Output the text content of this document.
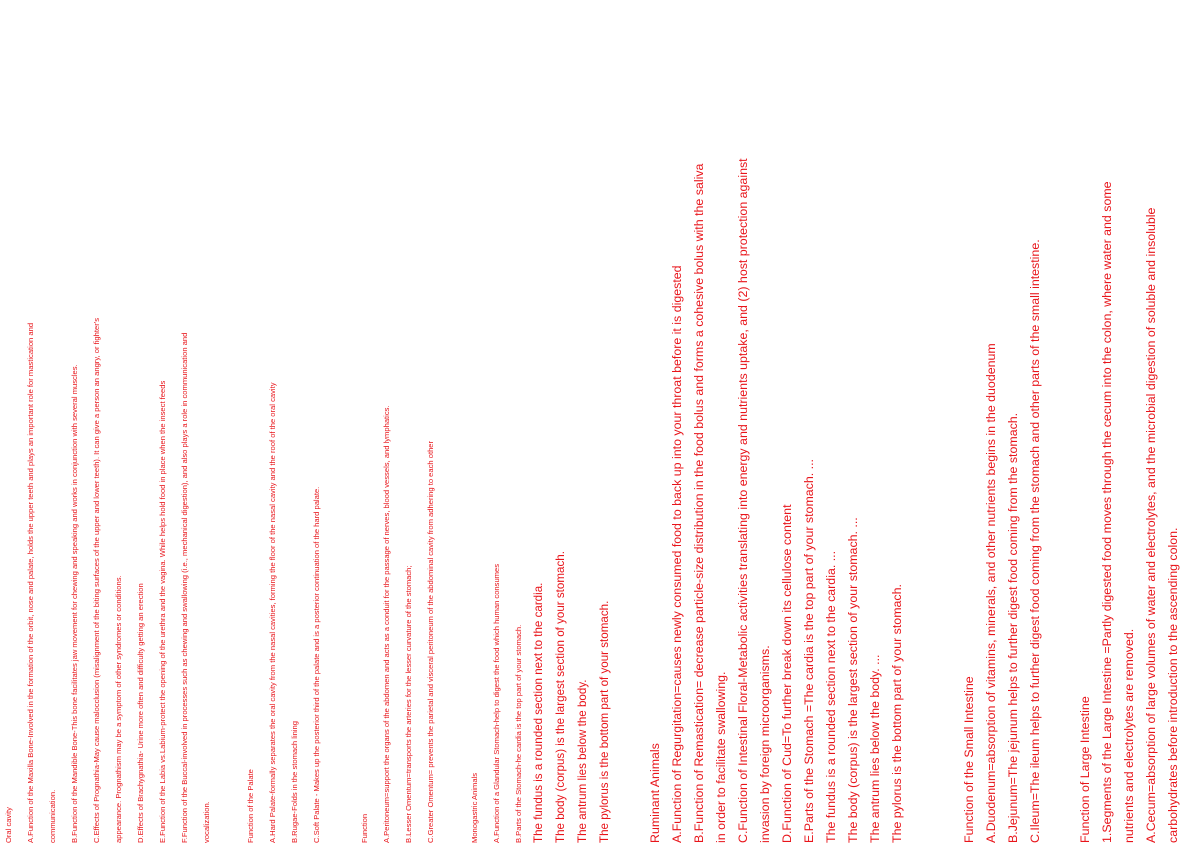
Oral cavity A.Function of the Maxilla Bone-Involved in the formation of the orbit, nose and palate, holds the upper teeth and plays an important role for mastication and communication. B.Function of the Mandible Bone-This bone facilitates jaw movement for chewing and speaking and works in conjunction with several muscles. C.Effects of Prognathia-May cause malocclusion (misalignment of the biting surfaces of the upper and lower teeth). It can give a person an angry, or fighter's appearance. Prognathism may be a symptom of other syndromes or conditions. D.Effects of Brachygnathia- Urine more often and difficulty getting an erection E.Function of the Labia vs.Labium-protect the opening of the urethra and the vagina. While helps hold food in place when the insect feeds F.Function of the Buccal-involved in processes such as chewing and swallowing (i.e., mechanical digestion), and also plays a role in communication and vocalization.	Function of the Palate A.Hard Palate-formally separates the oral cavity from the nasal cavities, forming the floor of the nasal cavity and the roof of the oral cavity B.Rugae-Folds in the stomach lining C.Soft Palate - Makes up the posterior third of the palate and is a posterior continuation of the hard palate.	Function A.Peritoneum=support the organs of the abdomen and acts as a conduit for the passage of nerves, blood vessels, and lymphatics. B.Lesser Omentum=transports the arteries for the lesser curvature of the stomach; C.Greater Omentum= prevents the parietal and visceral peritoneum of the abdominal cavity from adhering to each other	Monogastric Animals A.Function of a Glandular Stomach-help to digest the food which human consumes B.Parts of the Stomach-he cardia is the top part of your stomach. The fundus is a rounded section next to the cardia. The body (corpus) is the largest section of your stomach. The antrum lies below the body. The pylorus is the bottom part of your stomach.	Ruminant Animals A.Function of Regurgitation=causes newly consumed food to back up into your throat before it is digested B.Function of Remastication= decrease particle-size distribution in the food bolus and forms a cohesive bolus with the saliva in order to facilitate swallowing. C.Function of Intestinal Floral-Metabolic activities translating into energy and nutrients uptake, and (2) host protection against invasion by foreign microorganisms. D.Function of Cud=To further break down its cellulose content E.Parts of the Stomach =The cardia is the top part of your stomach. ... The fundus is a rounded section next to the cardia. ... The body (corpus) is the largest section of your stomach. ... The antrum lies below the body. ... The pylorus is the bottom part of your stomach.	Function of the Small Intestine A.Duodenum=absorption of vitamins, minerals, and other nutrients begins in the duodenum B.Jejunum=The jejunum helps to further digest food coming from the stomach. C.Ileum=The ileum helps to further digest food coming from the stomach and other parts of the small intestine.	Function of Large Intestine 1.Segments of the Large Intestine =Partly digested food moves through the cecum into the colon, where water and some nutrients and electrolytes are removed. A.Cecum=absorption of large volumes of water and electrolytes, and the microbial digestion of soluble and insoluble carbohydrates before introduction to the ascending colon.
